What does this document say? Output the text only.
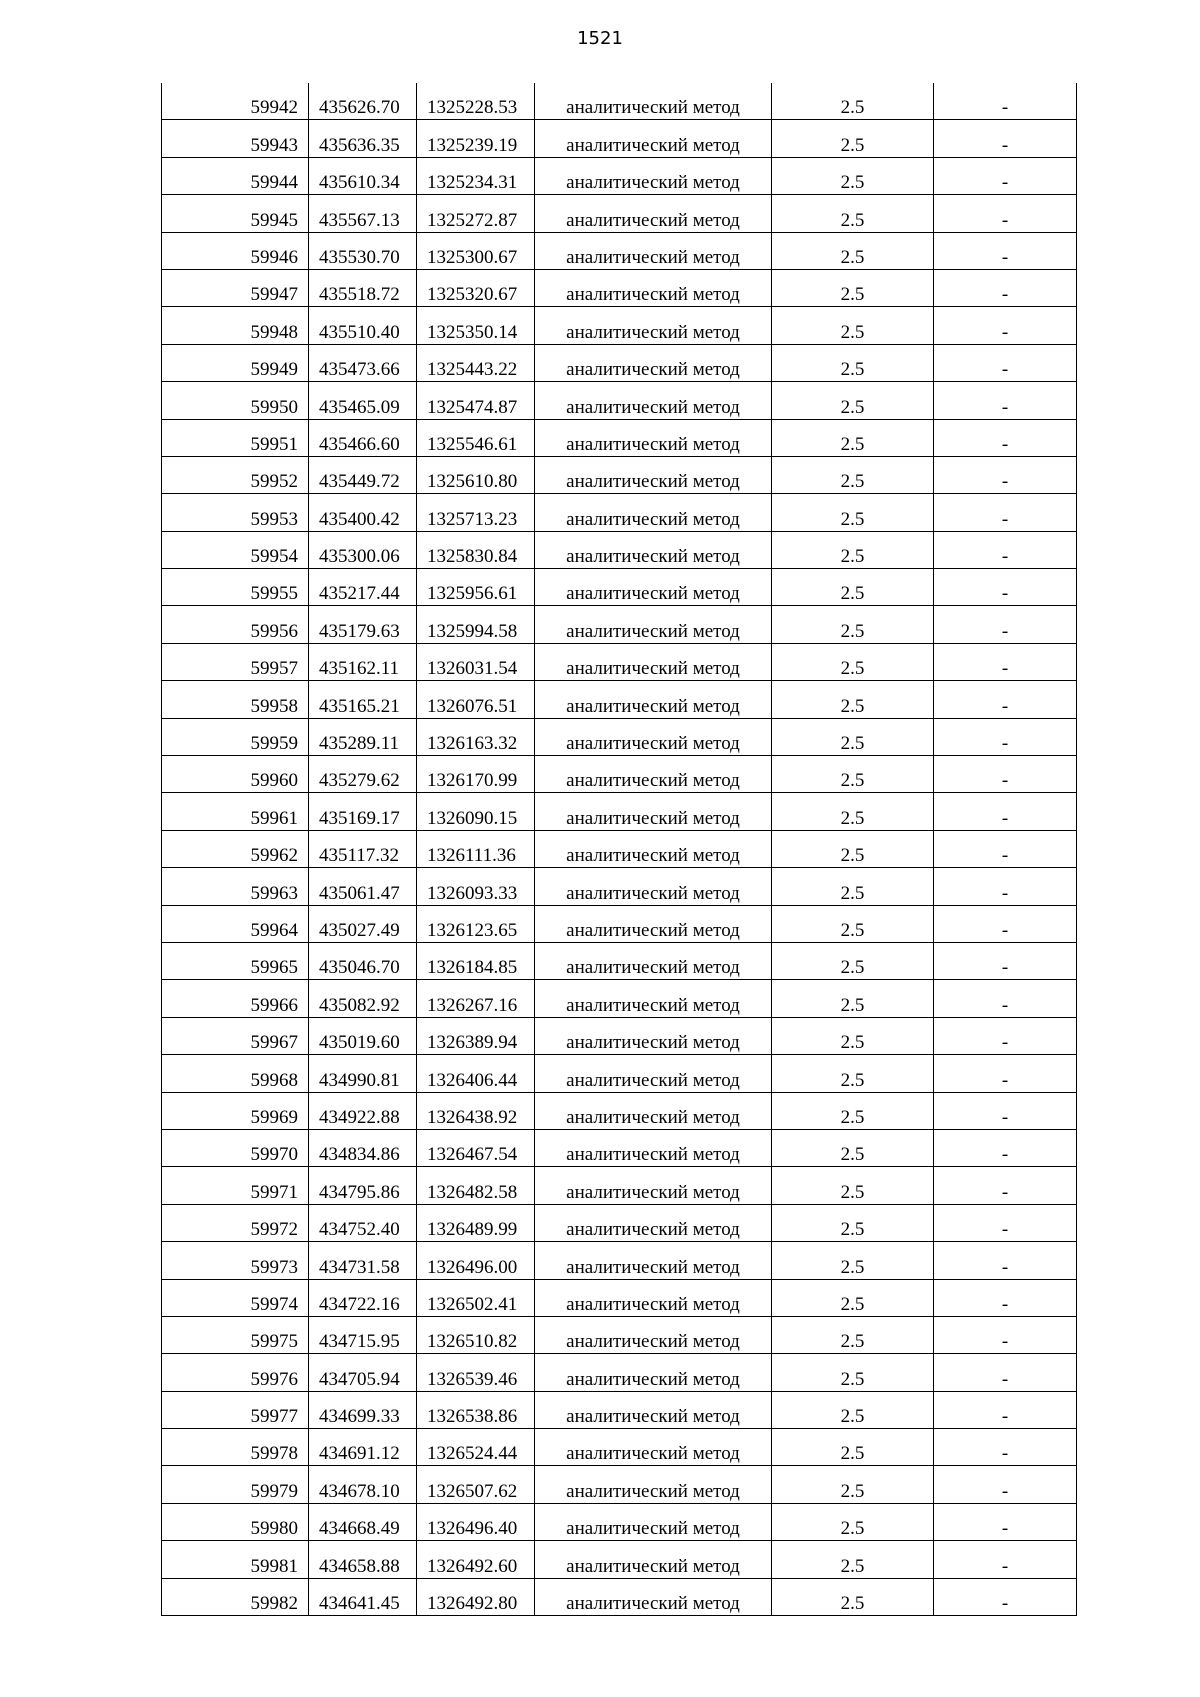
1521
59942	435626.70	1325228.53	аналитический метод	2.5	-
59943	435636.35	1325239.19	аналитический метод	2.5	-
59944	435610.34	1325234.31	аналитический метод	2.5	-
59945	435567.13	1325272.87	аналитический метод	2.5	-
59946	435530.70	1325300.67	аналитический метод	2.5	-
59947	435518.72	1325320.67	аналитический метод	2.5	-
59948	435510.40	1325350.14	аналитический метод	2.5	-
59949	435473.66	1325443.22	аналитический метод	2.5	-
59950	435465.09	1325474.87	аналитический метод	2.5	-
59951	435466.60	1325546.61	аналитический метод	2.5	-
59952	435449.72	1325610.80	аналитический метод	2.5	-
59953	435400.42	1325713.23	аналитический метод	2.5	-
59954	435300.06	1325830.84	аналитический метод	2.5	-
59955	435217.44	1325956.61	аналитический метод	2.5	-
59956	435179.63	1325994.58	аналитический метод	2.5	-
59957	435162.11	1326031.54	аналитический метод	2.5	-
59958	435165.21	1326076.51	аналитический метод	2.5	-
59959	435289.11	1326163.32	аналитический метод	2.5	-
59960	435279.62	1326170.99	аналитический метод	2.5	-
59961	435169.17	1326090.15	аналитический метод	2.5	-
59962	435117.32	1326111.36	аналитический метод	2.5	-
59963	435061.47	1326093.33	аналитический метод	2.5	-
59964	435027.49	1326123.65	аналитический метод	2.5	-
59965	435046.70	1326184.85	аналитический метод	2.5	-
59966	435082.92	1326267.16	аналитический метод	2.5	-
59967	435019.60	1326389.94	аналитический метод	2.5	-
59968	434990.81	1326406.44	аналитический метод	2.5	-
59969	434922.88	1326438.92	аналитический метод	2.5	-
59970	434834.86	1326467.54	аналитический метод	2.5	-
59971	434795.86	1326482.58	аналитический метод	2.5	-
59972	434752.40	1326489.99	аналитический метод	2.5	-
59973	434731.58	1326496.00	аналитический метод	2.5	-
59974	434722.16	1326502.41	аналитический метод	2.5	-
59975	434715.95	1326510.82	аналитический метод	2.5	-
59976	434705.94	1326539.46	аналитический метод	2.5	-
59977	434699.33	1326538.86	аналитический метод	2.5	-
59978	434691.12	1326524.44	аналитический метод	2.5	-
59979	434678.10	1326507.62	аналитический метод	2.5	-
59980	434668.49	1326496.40	аналитический метод	2.5	-
59981	434658.88	1326492.60	аналитический метод	2.5	-
59982	434641.45	1326492.80	аналитический метод	2.5	-
